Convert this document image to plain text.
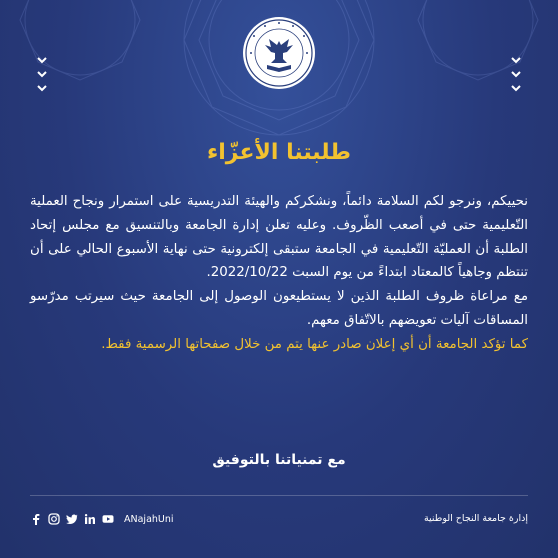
طلبتنا الأعزّاء

نحييكم، ونرجو لكم السلامة دائماً، ونشكركم والهيئة التدريسية على استمرار ونجاح العملية التّعليمية حتى في أصعب الظّروف. وعليه تعلن إدارة الجامعة وبالتنسيق مع مجلس إتحاد الطلبة أن العمليّة التّعليمية في الجامعة ستبقى إلكترونية حتى نهاية الأسبوع الحالي على أن تنتظم وجاهياً كالمعتاد ابتداءً من يوم السبت 2022/10/22.

مع مراعاة ظروف الطلبة الذين لا يستطيعون الوصول إلى الجامعة حيث سيرتب مدرّسو المساقات آليات تعويضهم بالاتّفاق معهم.

كما تؤكد الجامعة أن أي إعلان صادر عنها يتم من خلال صفحاتها الرسمية فقط.

مع تمنياتنا بالتوفيق
ANajahUni	إدارة جامعة النجاح الوطنية
